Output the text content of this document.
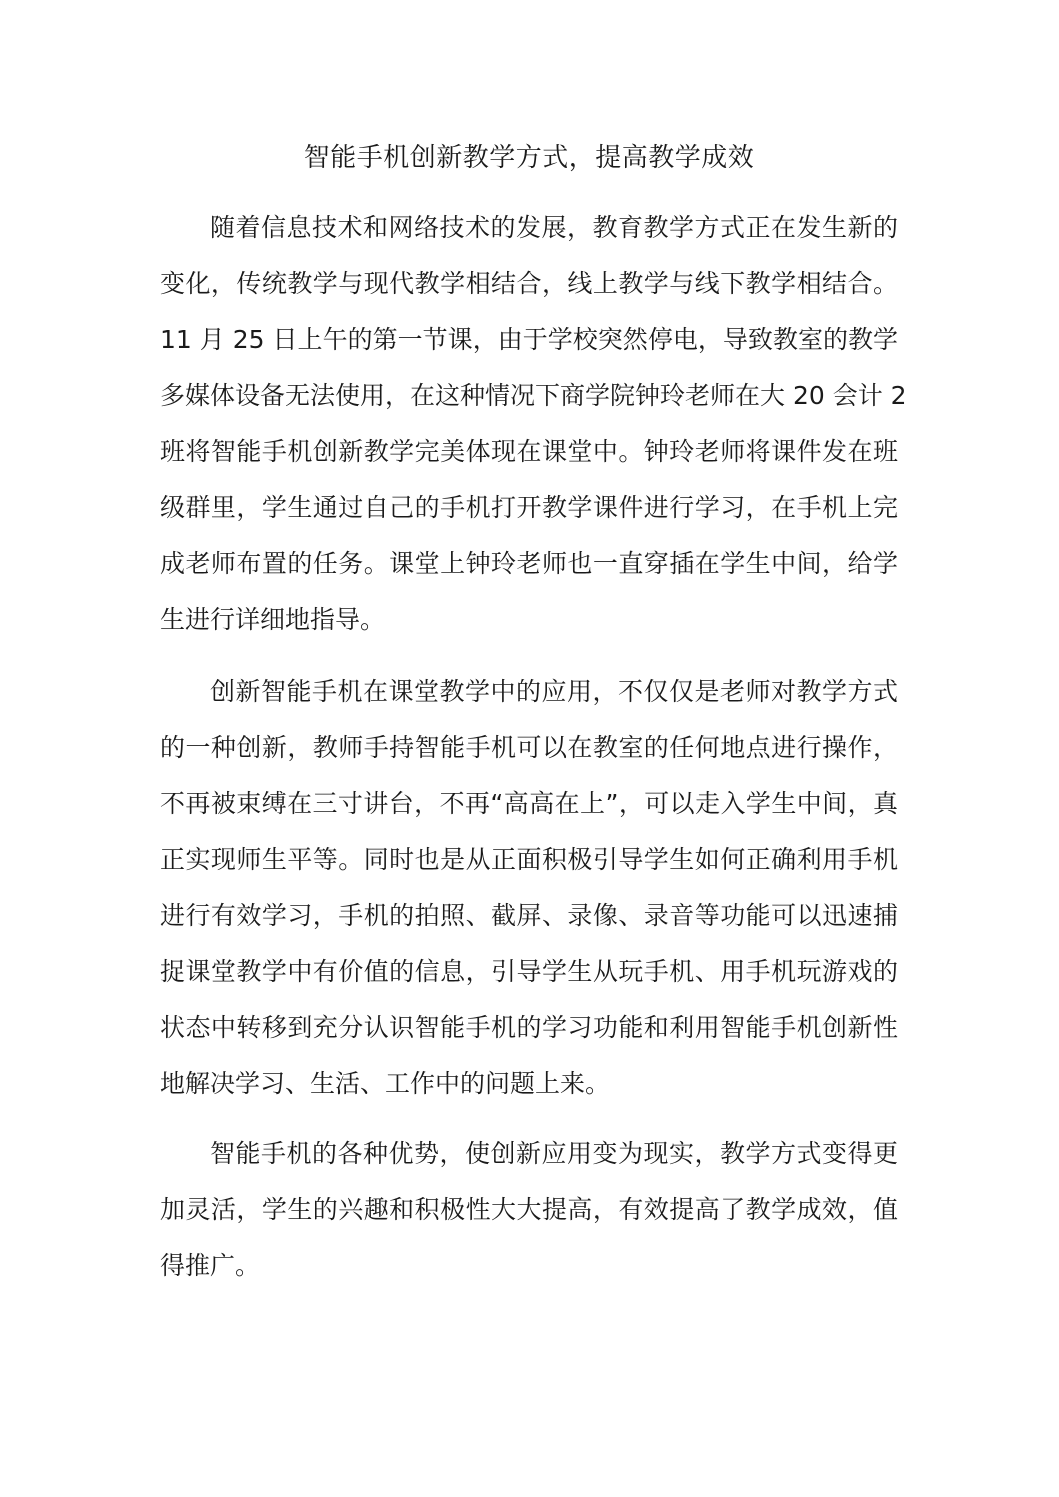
智能手机创新教学方式，提高教学成效

随着信息技术和网络技术的发展，教育教学方式正在发生新的

变化，传统教学与现代教学相结合，线上教学与线下教学相结合。

11 月 25 日上午的第一节课，由于学校突然停电，导致教室的教学

多媒体设备无法使用，在这种情况下商学院钟玲老师在大 20 会计 2

班将智能手机创新教学完美体现在课堂中。钟玲老师将课件发在班

级群里，学生通过自己的手机打开教学课件进行学习，在手机上完

成老师布置的任务。课堂上钟玲老师也一直穿插在学生中间，给学

生进行详细地指导。

创新智能手机在课堂教学中的应用，不仅仅是老师对教学方式

的一种创新，教师手持智能手机可以在教室的任何地点进行操作，

不再被束缚在三寸讲台，不再“高高在上”，可以走入学生中间，真

正实现师生平等。同时也是从正面积极引导学生如何正确利用手机

进行有效学习，手机的拍照、截屏、录像、录音等功能可以迅速捕

捉课堂教学中有价值的信息，引导学生从玩手机、用手机玩游戏的

状态中转移到充分认识智能手机的学习功能和利用智能手机创新性

地解决学习、生活、工作中的问题上来。

智能手机的各种优势，使创新应用变为现实，教学方式变得更

加灵活，学生的兴趣和积极性大大提高，有效提高了教学成效，值

得推广。
